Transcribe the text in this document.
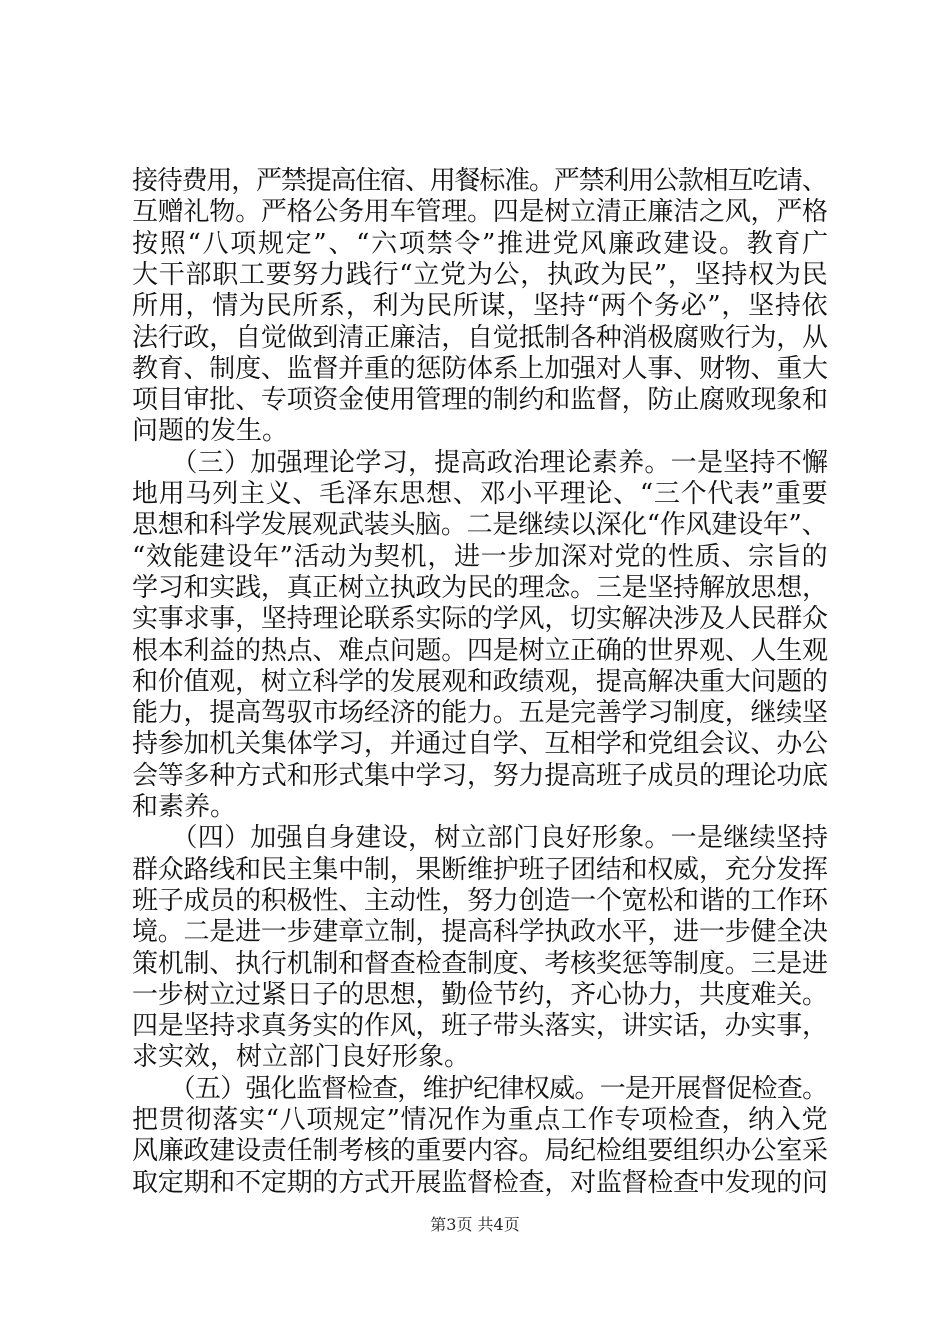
接待费用，严禁提高住宿、用餐标准。严禁利用公款相互吃请、
互赠礼物。严格公务用车管理。四是树立清正廉洁之风，严格
按照“八项规定”、“六项禁令”推进党风廉政建设。教育广
大干部职工要努力践行“立党为公，执政为民”，坚持权为民
所用，情为民所系，利为民所谋，坚持“两个务必”，坚持依
法行政，自觉做到清正廉洁，自觉抵制各种消极腐败行为，从
教育、制度、监督并重的惩防体系上加强对人事、财物、重大
项目审批、专项资金使用管理的制约和监督，防止腐败现象和
问题的发生。
　　（三）加强理论学习，提高政治理论素养。一是坚持不懈
地用马列主义、毛泽东思想、邓小平理论、“三个代表”重要
思想和科学发展观武装头脑。二是继续以深化“作风建设年”、
“效能建设年”活动为契机，进一步加深对党的性质、宗旨的
学习和实践，真正树立执政为民的理念。三是坚持解放思想，
实事求事，坚持理论联系实际的学风，切实解决涉及人民群众
根本利益的热点、难点问题。四是树立正确的世界观、人生观
和价值观，树立科学的发展观和政绩观，提高解决重大问题的
能力，提高驾驭市场经济的能力。五是完善学习制度，继续坚
持参加机关集体学习，并通过自学、互相学和党组会议、办公
会等多种方式和形式集中学习，努力提高班子成员的理论功底
和素养。
　　（四）加强自身建设，树立部门良好形象。一是继续坚持
群众路线和民主集中制，果断维护班子团结和权威，充分发挥
班子成员的积极性、主动性，努力创造一个宽松和谐的工作环
境。二是进一步建章立制，提高科学执政水平，进一步健全决
策机制、执行机制和督查检查制度、考核奖惩等制度。三是进
一步树立过紧日子的思想，勤俭节约，齐心协力，共度难关。
四是坚持求真务实的作风，班子带头落实，讲实话，办实事，
求实效，树立部门良好形象。
　　（五）强化监督检查，维护纪律权威。一是开展督促检查。
把贯彻落实“八项规定”情况作为重点工作专项检查，纳入党
风廉政建设责任制考核的重要内容。局纪检组要组织办公室采
取定期和不定期的方式开展监督检查，对监督检查中发现的问
第3页 共4页
